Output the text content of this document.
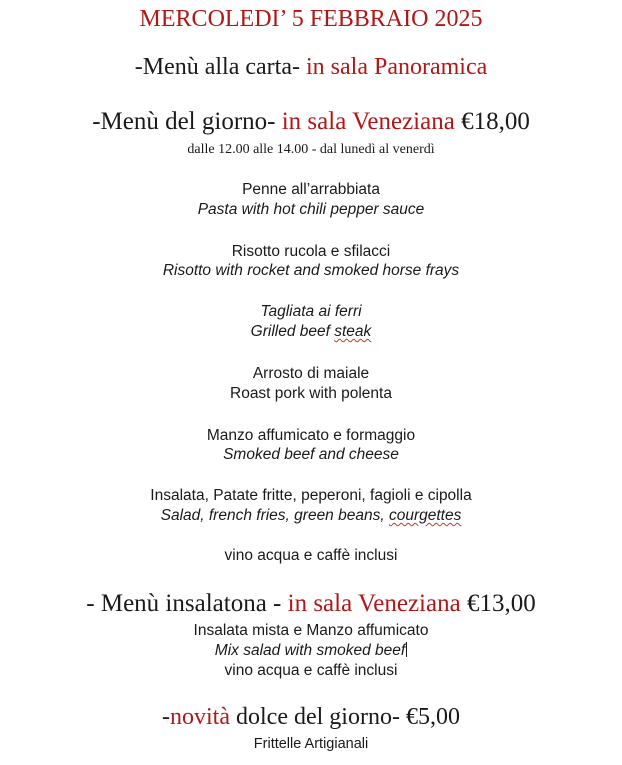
MERCOLEDI’ 5 FEBBRAIO 2025
-Menù alla carta- in sala Panoramica
-Menù del giorno- in sala Veneziana €18,00
dalle 12.00 alle 14.00 - dal lunedì al venerdì
Penne all’arrabbiata
Pasta with hot chili pepper sauce
Risotto rucola e sfilacci
Risotto with rocket and smoked horse frays
Tagliata ai ferri
Grilled beef steak
Arrosto di maiale
Roast pork with polenta
Manzo affumicato e formaggio
Smoked beef and cheese
Insalata, Patate fritte, peperoni, fagioli e cipolla
Salad, french fries, green beans, courgettes
vino acqua e caffè inclusi
- Menù insalatona - in sala Veneziana €13,00
Insalata mista e Manzo affumicato
Mix salad with smoked beef
vino acqua e caffè inclusi
-novità dolce del giorno- €5,00
Frittelle Artigianali
